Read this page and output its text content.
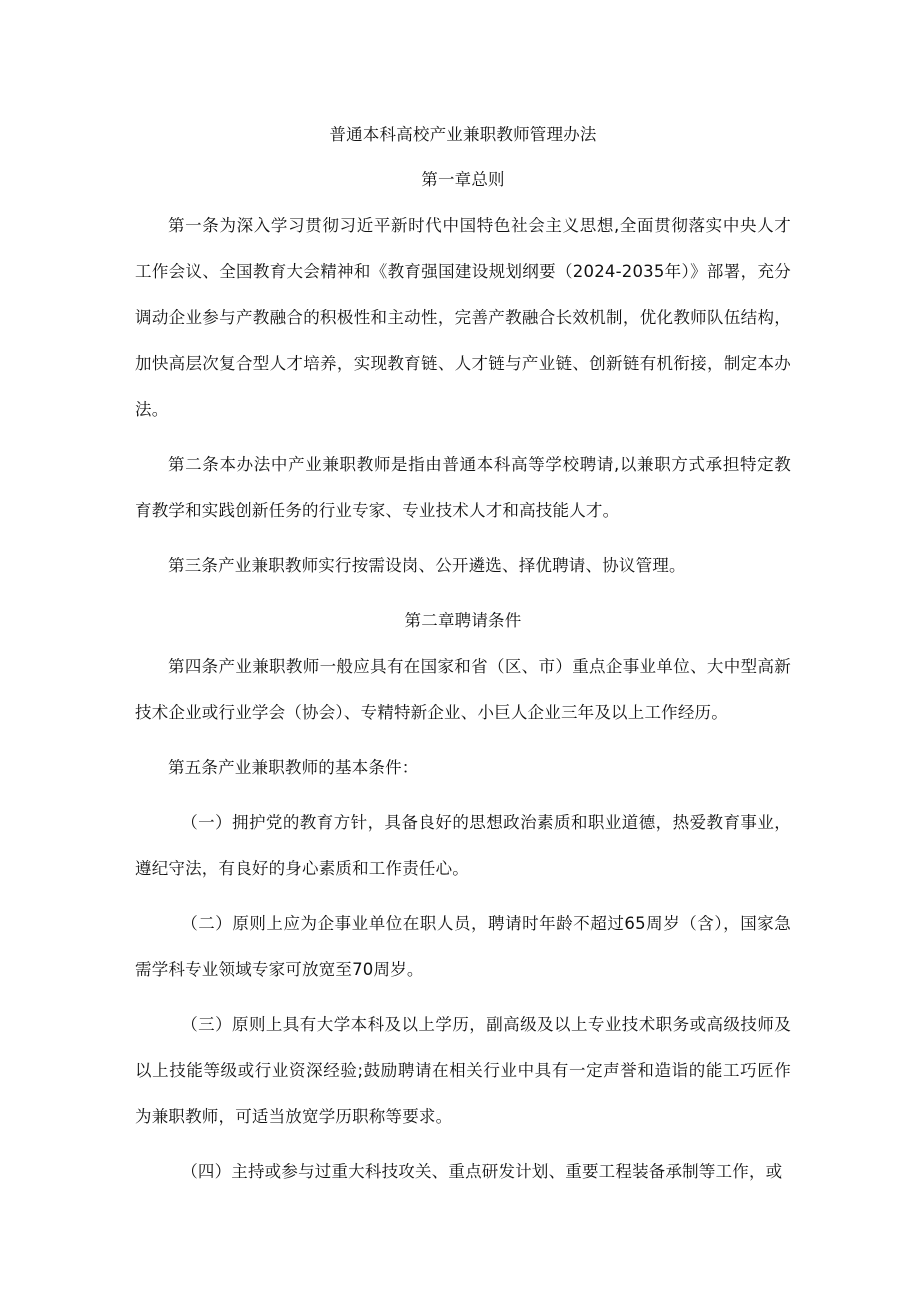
普通本科高校产业兼职教师管理办法

第一章总则

第一条为深入学习贯彻习近平新时代中国特色社会主义思想,全面贯彻落实中央人才工作会议、全国教育大会精神和《教育强国建设规划纲要（2024-2035年）》部署，充分调动企业参与产教融合的积极性和主动性，完善产教融合长效机制，优化教师队伍结构，加快高层次复合型人才培养，实现教育链、人才链与产业链、创新链有机衔接，制定本办法。

第二条本办法中产业兼职教师是指由普通本科高等学校聘请,以兼职方式承担特定教育教学和实践创新任务的行业专家、专业技术人才和高技能人才。

第三条产业兼职教师实行按需设岗、公开遴选、择优聘请、协议管理。

第二章聘请条件

第四条产业兼职教师一般应具有在国家和省（区、市）重点企事业单位、大中型高新技术企业或行业学会（协会）、专精特新企业、小巨人企业三年及以上工作经历。

第五条产业兼职教师的基本条件：

（一）拥护党的教育方针，具备良好的思想政治素质和职业道德，热爱教育事业，遵纪守法，有良好的身心素质和工作责任心。

（二）原则上应为企事业单位在职人员，聘请时年龄不超过65周岁（含），国家急需学科专业领域专家可放宽至70周岁。

（三）原则上具有大学本科及以上学历，副高级及以上专业技术职务或高级技师及以上技能等级或行业资深经验;鼓励聘请在相关行业中具有一定声誉和造诣的能工巧匠作为兼职教师，可适当放宽学历职称等要求。

（四）主持或参与过重大科技攻关、重点研发计划、重要工程装备承制等工作，或
